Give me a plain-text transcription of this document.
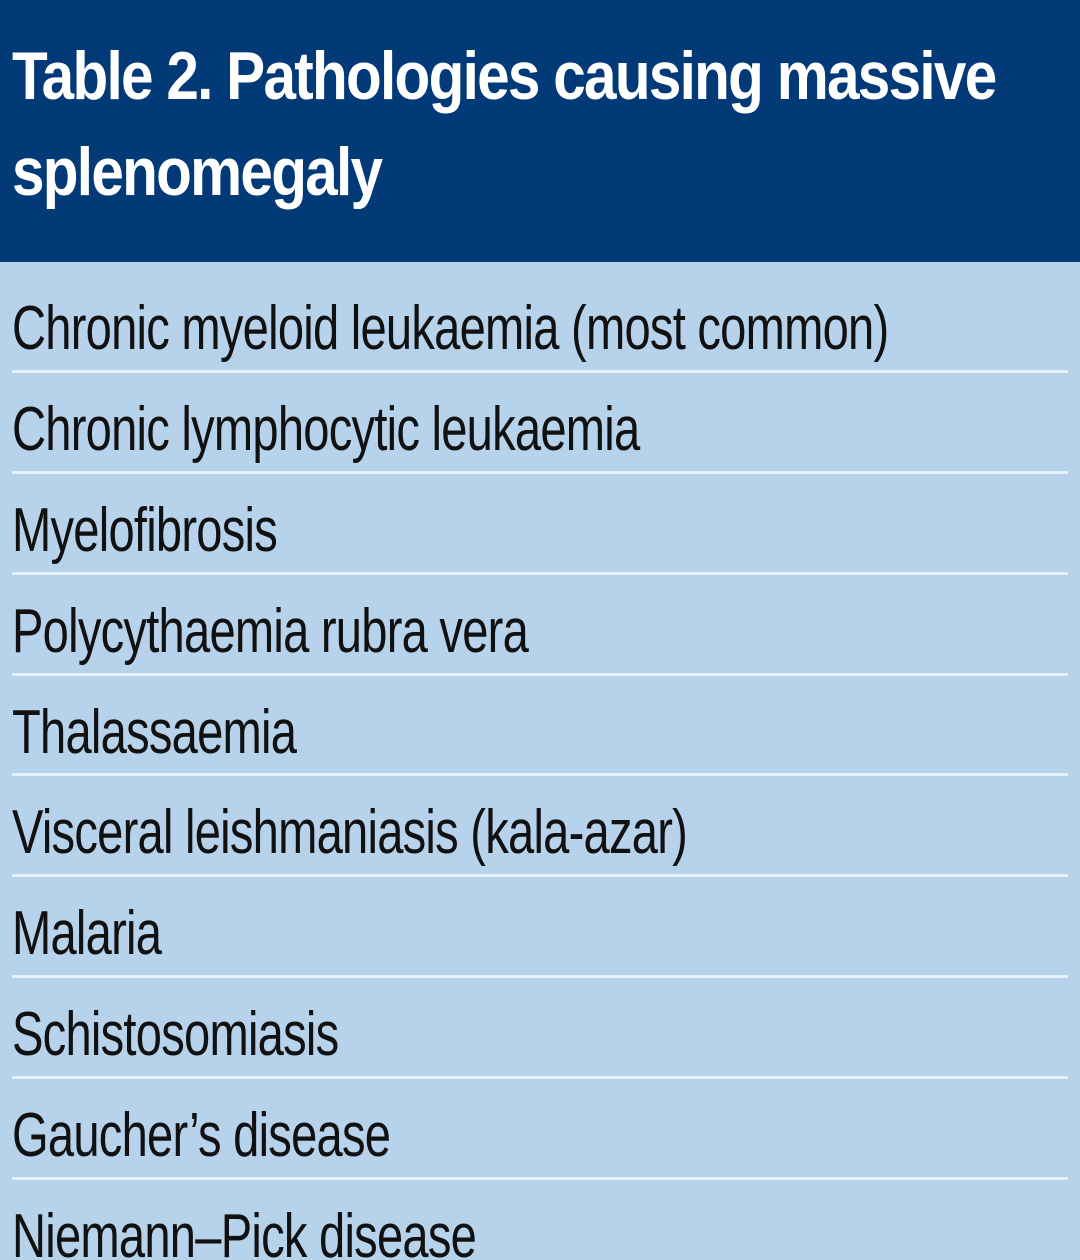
Table 2. Pathologies causing massive splenomegaly
Chronic myeloid leukaemia (most common)
Chronic lymphocytic leukaemia
Myelofibrosis
Polycythaemia rubra vera
Thalassaemia
Visceral leishmaniasis (kala-azar)
Malaria
Schistosomiasis
Gaucher’s disease
Niemann–Pick disease
